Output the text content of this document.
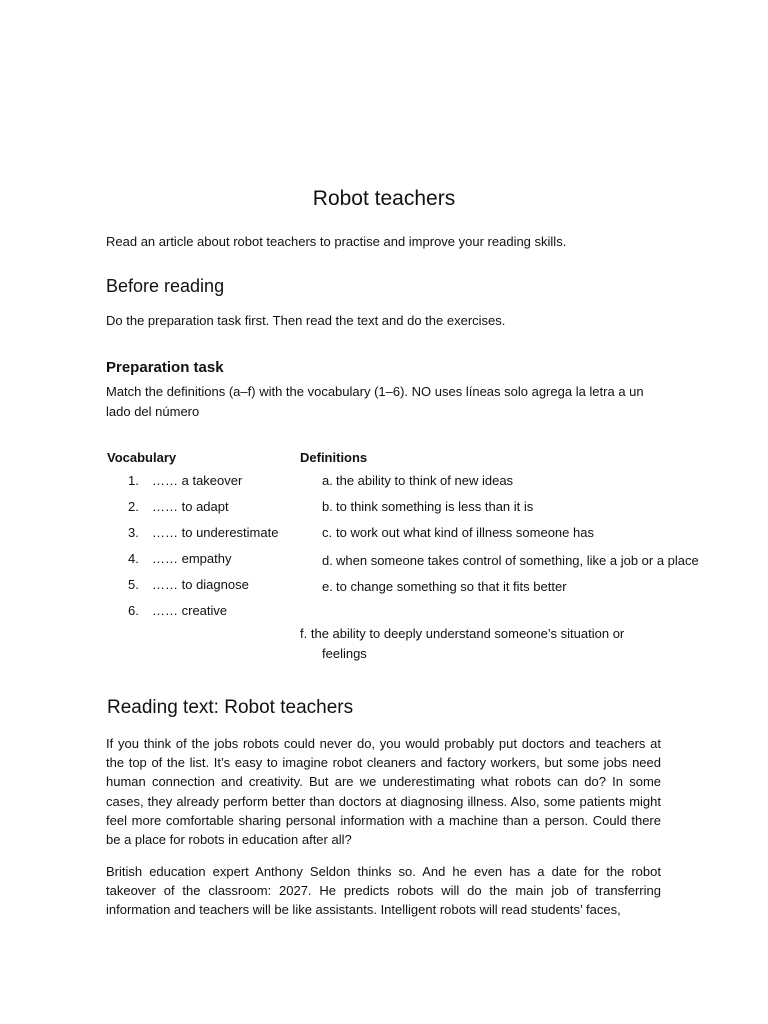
Robot teachers
Read an article about robot teachers to practise and improve your reading skills.
Before reading
Do the preparation task first. Then read the text and do the exercises.
Preparation task
Match the definitions (a–f) with the vocabulary (1–6). NO uses líneas solo agrega la letra a un lado del número
Vocabulary	Definitions
1. …… a takeover
2. …… to adapt
3. …… to underestimate
4. …… empathy
5. …… to diagnose
6. …… creative
a. the ability to think of new ideas
b. to think something is less than it is
c. to work out what kind of illness someone has
d. when someone takes control of something, like a job or a place
e. to change something so that it fits better
f. the ability to deeply understand someone’s situation or
feelings
Reading text: Robot teachers

If you think of the jobs robots could never do, you would probably put doctors and teachers at the top of the list. It’s easy to imagine robot cleaners and factory workers, but some jobs need human connection and creativity. But are we underestimating what robots can do? In some cases, they already perform better than doctors at diagnosing illness. Also, some patients might feel more comfortable sharing personal information with a machine than a person. Could there be a place for robots in education after all?

British education expert Anthony Seldon thinks so. And he even has a date for the robot takeover of the classroom: 2027. He predicts robots will do the main job of transferring information and teachers will be like assistants. Intelligent robots will read students’ faces,
